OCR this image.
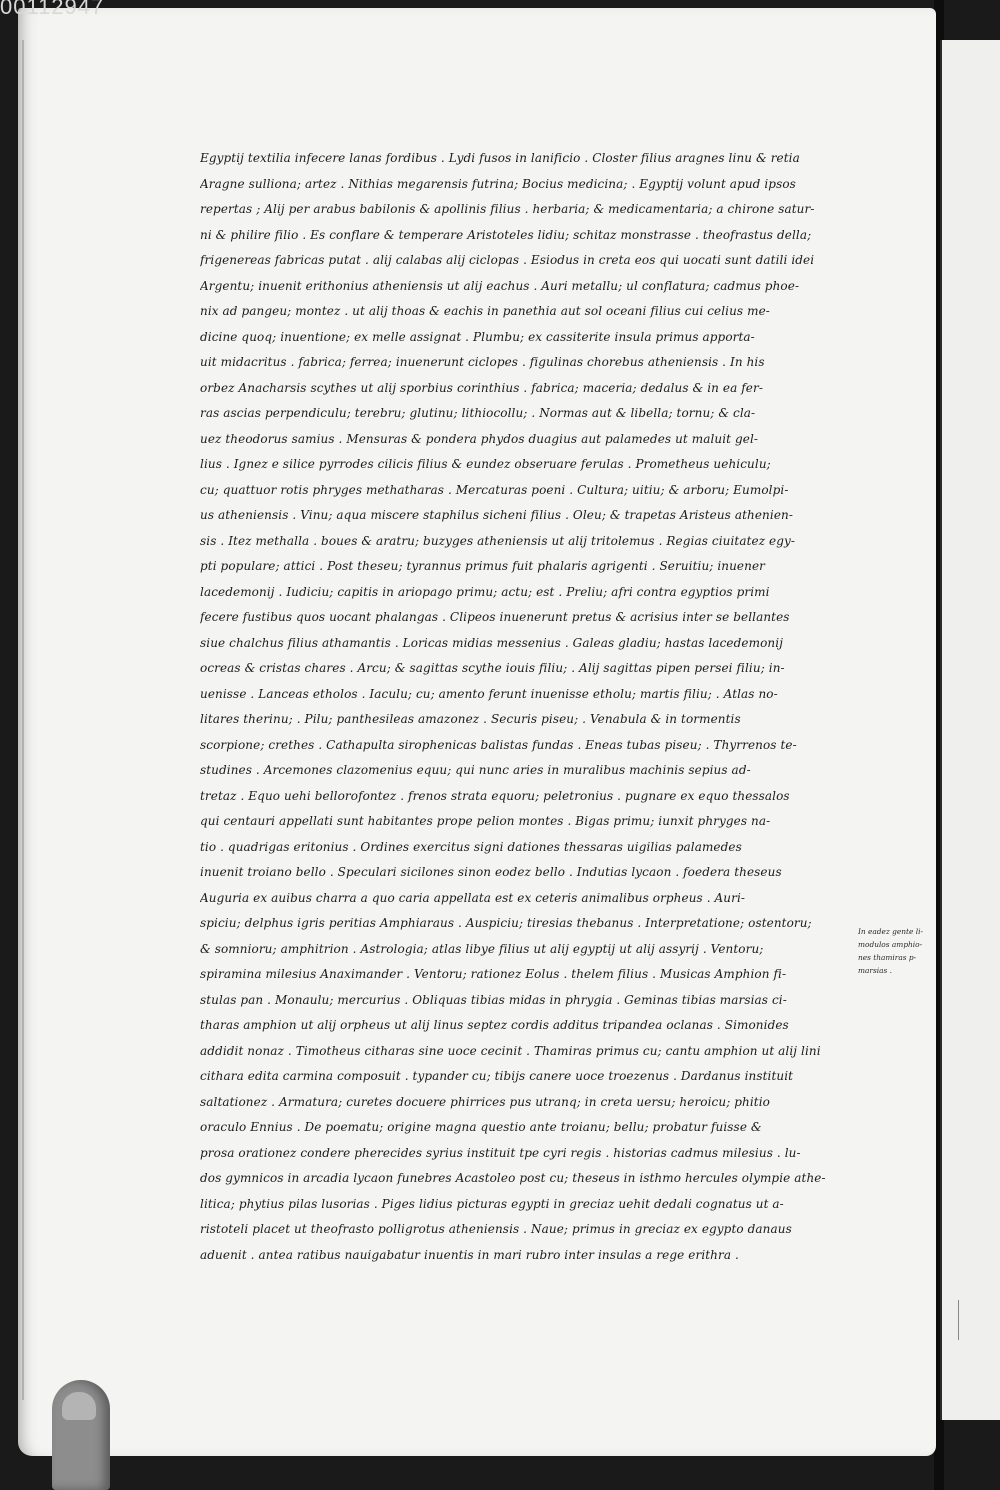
00112947
Egyptij textilia infecere lanas fordibus . Lydi fusos in lanificio . Closter filius aragnes linu & retia
Aragne sulliona; artez . Nithias megarensis futrina; Bocius medicina; . Egyptij volunt apud ipsos
repertas ; Alij per arabus babilonis & apollinis filius . herbaria; & medicamentaria; a chirone satur-
ni & philire filio . Es conflare & temperare Aristoteles lidiu; schitaz monstrasse . theofrastus della;
frigenereas fabricas putat . alij calabas alij ciclopas . Esiodus in creta eos qui uocati sunt datili idei
Argentu; inuenit erithonius atheniensis ut alij eachus . Auri metallu; ul conflatura; cadmus phoe-
nix ad pangeu; montez . ut alij thoas & eachis in panethia aut sol oceani filius cui celius me-
dicine quoq; inuentione; ex melle assignat . Plumbu; ex cassiterite insula primus apporta-
uit midacritus . fabrica; ferrea; inuenerunt ciclopes . figulinas chorebus atheniensis . In his
orbez Anacharsis scythes ut alij sporbius corinthius . fabrica; maceria; dedalus & in ea fer-
ras ascias perpendiculu; terebru; glutinu; lithiocollu; . Normas aut & libella; tornu; & cla-
uez theodorus samius . Mensuras & pondera phydos duagius aut palamedes ut maluit gel-
lius . Ignez e silice pyrrodes cilicis filius & eundez obseruare ferulas . Prometheus uehiculu;
cu; quattuor rotis phryges methatharas . Mercaturas poeni . Cultura; uitiu; & arboru; Eumolpi-
us atheniensis . Vinu; aqua miscere staphilus sicheni filius . Oleu; & trapetas Aristeus athenien-
sis . Itez methalla . boues & aratru; buzyges atheniensis ut alij tritolemus . Regias ciuitatez egy-
pti populare; attici . Post theseu; tyrannus primus fuit phalaris agrigenti . Seruitiu; inuener
lacedemonij . Iudiciu; capitis in ariopago primu; actu; est . Preliu; afri contra egyptios primi
fecere fustibus quos uocant phalangas . Clipeos inuenerunt pretus & acrisius inter se bellantes
siue chalchus filius athamantis . Loricas midias messenius . Galeas gladiu; hastas lacedemonij
ocreas & cristas chares . Arcu; & sagittas scythe iouis filiu; . Alij sagittas pipen persei filiu; in-
uenisse . Lanceas etholos . Iaculu; cu; amento ferunt inuenisse etholu; martis filiu; . Atlas no-
litares therinu; . Pilu; panthesileas amazonez . Securis piseu; . Venabula & in tormentis
scorpione; crethes . Cathapulta sirophenicas balistas fundas . Eneas tubas piseu; . Thyrrenos te-
studines . Arcemones clazomenius equu; qui nunc aries in muralibus machinis sepius ad-
tretaz . Equo uehi bellorofontez . frenos strata equoru; peletronius . pugnare ex equo thessalos
qui centauri appellati sunt habitantes prope pelion montes . Bigas primu; iunxit phryges na-
tio . quadrigas eritonius . Ordines exercitus signi dationes thessaras uigilias palamedes
inuenit troiano bello . Speculari sicilones sinon eodez bello . Indutias lycaon . foedera theseus
Auguria ex auibus charra a quo caria appellata est ex ceteris animalibus orpheus . Auri-
spiciu; delphus igris peritias Amphiaraus . Auspiciu; tiresias thebanus . Interpretatione; ostentoru;
& somnioru; amphitrion . Astrologia; atlas libye filius ut alij egyptij ut alij assyrij . Ventoru;
spiramina milesius Anaximander . Ventoru; rationez Eolus . thelem filius . Musicas Amphion fi-
stulas pan . Monaulu; mercurius . Obliquas tibias midas in phrygia . Geminas tibias marsias ci-
tharas amphion ut alij orpheus ut alij linus septez cordis additus tripandea oclanas . Simonides
addidit nonaz . Timotheus citharas sine uoce cecinit . Thamiras primus cu; cantu amphion ut alij lini
cithara edita carmina composuit . typander cu; tibijs canere uoce troezenus . Dardanus instituit
saltationez . Armatura; curetes docuere phirrices pus utranq; in creta uersu; heroicu; phitio
oraculo Ennius . De poematu; origine magna questio ante troianu; bellu; probatur fuisse &
prosa orationez condere pherecides syrius instituit tpe cyri regis . historias cadmus milesius . lu-
dos gymnicos in arcadia lycaon funebres Acastoleo post cu; theseus in isthmo hercules olympie athe-
litica; phytius pilas lusorias . Piges lidius picturas egypti in greciaz uehit dedali cognatus ut a-
ristoteli placet ut theofrasto polligrotus atheniensis . Naue; primus in greciaz ex egypto danaus
aduenit . antea ratibus nauigabatur inuentis in mari rubro inter insulas a rege erithra .
In eadez gente li-
modulos amphio-
nes thamiras p-
marsias .
